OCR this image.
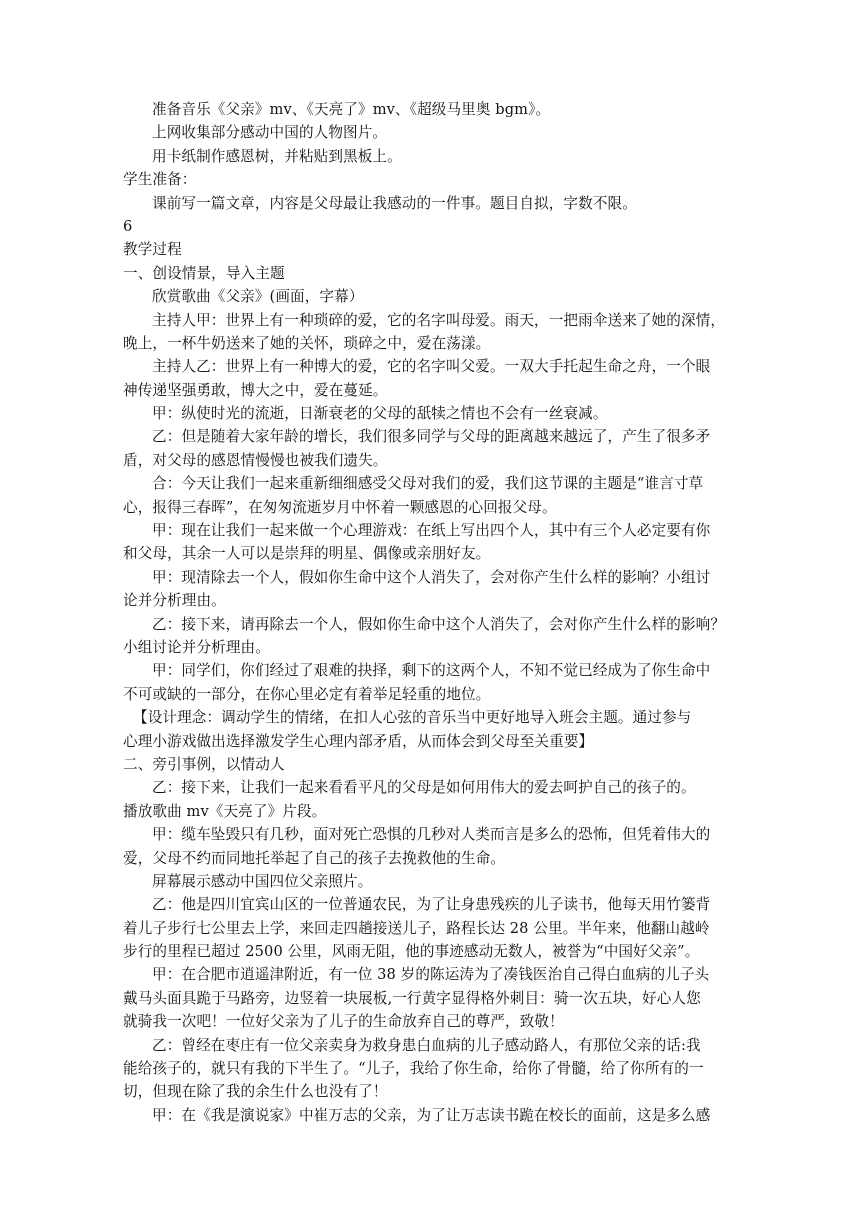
准备音乐《父亲》mv、《天亮了》mv、《超级马里奥 bgm》。
上网收集部分感动中国的人物图片。
用卡纸制作感恩树，并粘贴到黑板上。
学生准备：
课前写一篇文章，内容是父母最让我感动的一件事。题目自拟，字数不限。
6
教学过程
一、创设情景，导入主题
欣赏歌曲《父亲》(画面，字幕）
主持人甲：世界上有一种琐碎的爱，它的名字叫母爱。雨天，一把雨伞送来了她的深情，
晚上，一杯牛奶送来了她的关怀，琐碎之中，爱在荡漾。
主持人乙：世界上有一种博大的爱，它的名字叫父爱。一双大手托起生命之舟，一个眼
神传递坚强勇敢，博大之中，爱在蔓延。
甲：纵使时光的流逝，日渐衰老的父母的舐犊之情也不会有一丝衰减。
乙：但是随着大家年龄的增长，我们很多同学与父母的距离越来越远了，产生了很多矛
盾，对父母的感恩情慢慢也被我们遗失。
合：今天让我们一起来重新细细感受父母对我们的爱，我们这节课的主题是“谁言寸草
心，报得三春晖”，在匆匆流逝岁月中怀着一颗感恩的心回报父母。
甲：现在让我们一起来做一个心理游戏：在纸上写出四个人，其中有三个人必定要有你
和父母，其余一人可以是崇拜的明星、偶像或亲朋好友。
甲：现清除去一个人，假如你生命中这个人消失了，会对你产生什么样的影响？小组讨
论并分析理由。
乙：接下来，请再除去一个人，假如你生命中这个人消失了，会对你产生什么样的影响？
小组讨论并分析理由。
甲：同学们，你们经过了艰难的抉择，剩下的这两个人，不知不觉已经成为了你生命中
不可或缺的一部分，在你心里必定有着举足轻重的地位。
【设计理念：调动学生的情绪，在扣人心弦的音乐当中更好地导入班会主题。通过参与
心理小游戏做出选择激发学生心理内部矛盾，从而体会到父母至关重要】
二、旁引事例，以情动人
乙：接下来，让我们一起来看看平凡的父母是如何用伟大的爱去呵护自己的孩子的。
播放歌曲 mv《天亮了》片段。
甲：缆车坠毁只有几秒，面对死亡恐惧的几秒对人类而言是多么的恐怖，但凭着伟大的
爱，父母不约而同地托举起了自己的孩子去挽救他的生命。
屏幕展示感动中国四位父亲照片。
乙：他是四川宜宾山区的一位普通农民，为了让身患残疾的儿子读书，他每天用竹篓背
着儿子步行七公里去上学，来回走四趟接送儿子，路程长达 28 公里。半年来，他翻山越岭
步行的里程已超过 2500 公里，风雨无阻，他的事迹感动无数人，被誉为“中国好父亲”。
甲：在合肥市逍遥津附近，有一位 38 岁的陈运涛为了凑钱医治自己得白血病的儿子头
戴马头面具跪于马路旁，边竖着一块展板,一行黄字显得格外刺目：骑一次五块，好心人您
就骑我一次吧！一位好父亲为了儿子的生命放弃自己的尊严，致敬！
乙：曾经在枣庄有一位父亲卖身为救身患白血病的儿子感动路人，有那位父亲的话:我
能给孩子的，就只有我的下半生了。“儿子，我给了你生命，给你了骨髓，给了你所有的一
切，但现在除了我的余生什么也没有了！
甲：在《我是演说家》中崔万志的父亲，为了让万志读书跪在校长的面前，这是多么感
